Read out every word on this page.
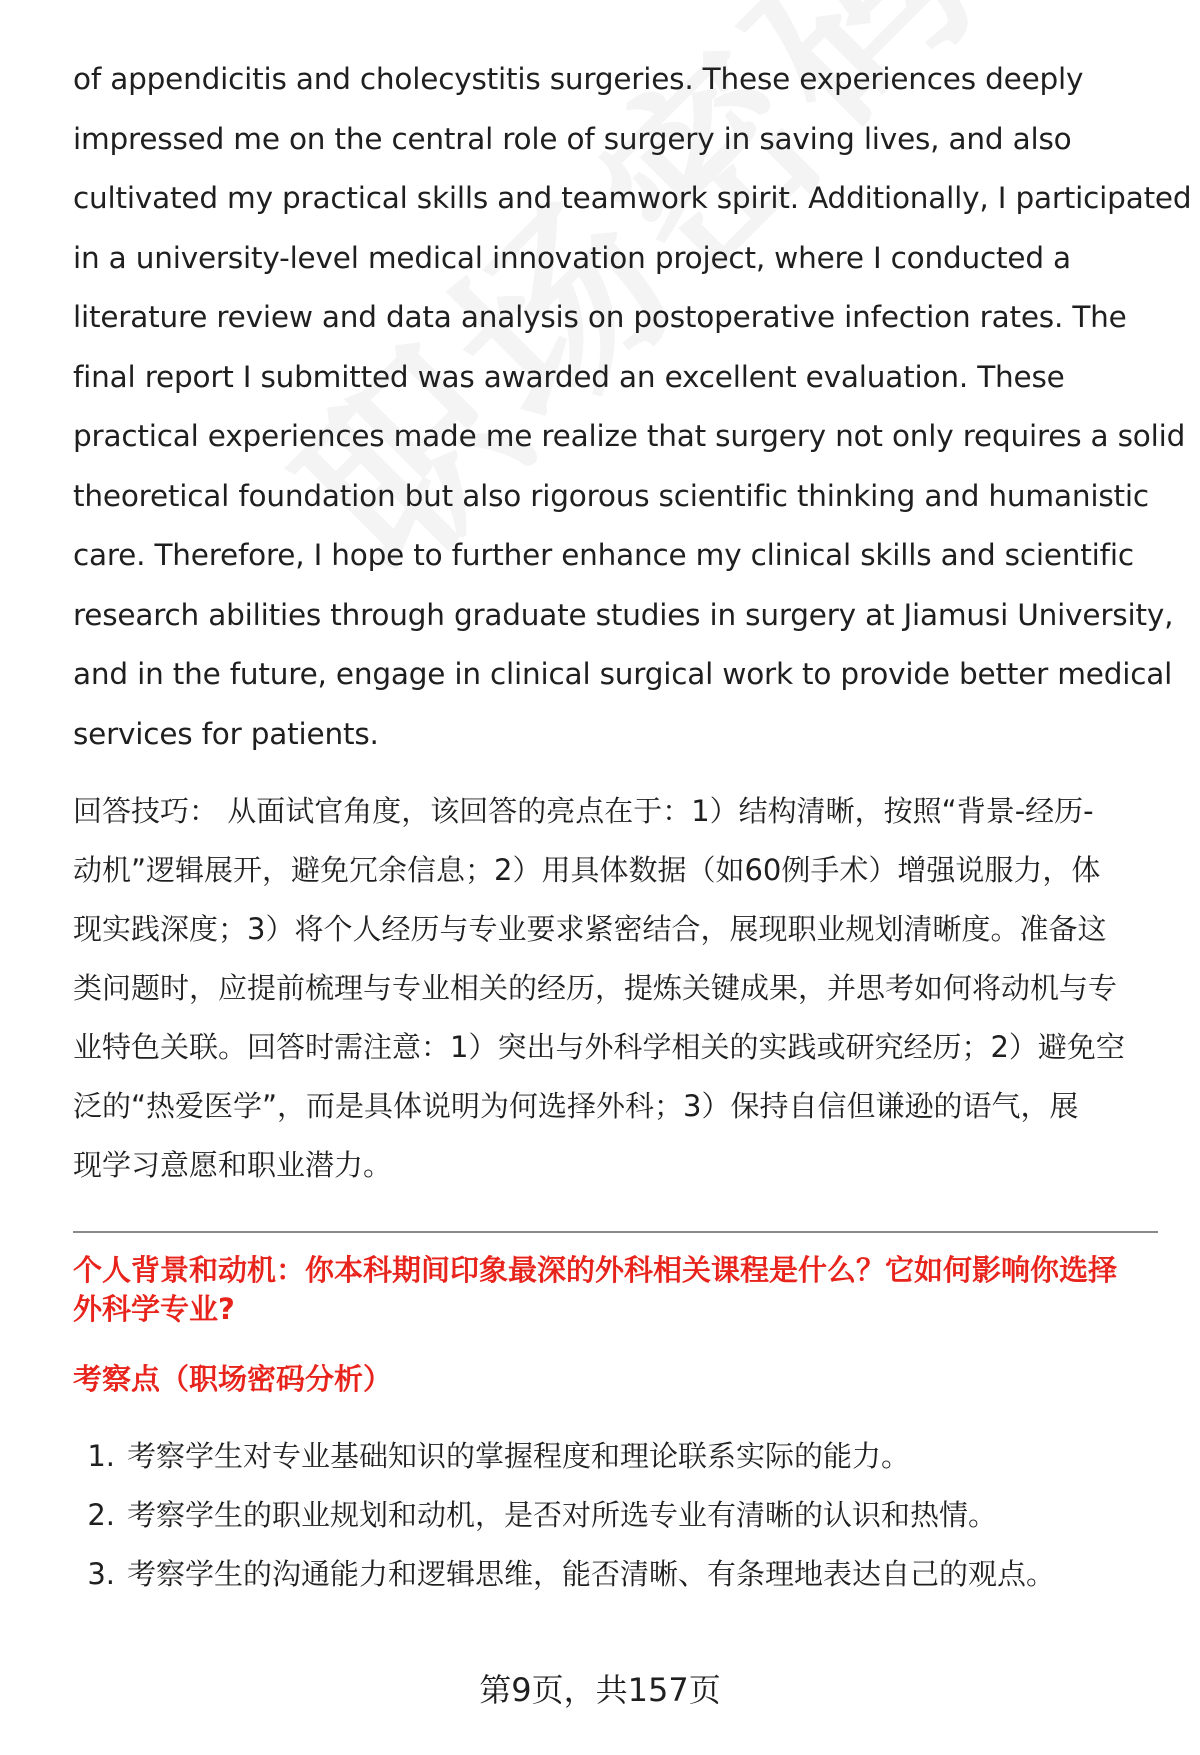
of appendicitis and cholecystitis surgeries. These experiences deeply
impressed me on the central role of surgery in saving lives, and also
cultivated my practical skills and teamwork spirit. Additionally, I participated
in a university-level medical innovation project, where I conducted a
literature review and data analysis on postoperative infection rates. The
final report I submitted was awarded an excellent evaluation. These
practical experiences made me realize that surgery not only requires a solid
theoretical foundation but also rigorous scientific thinking and humanistic
care. Therefore, I hope to further enhance my clinical skills and scientific
research abilities through graduate studies in surgery at Jiamusi University,
and in the future, engage in clinical surgical work to provide better medical
services for patients.

回答技巧： 从面试官角度，该回答的亮点在于：1）结构清晰，按照“背景-经历-
动机”逻辑展开，避免冗余信息；2）用具体数据（如60例手术）增强说服力，体
现实践深度；3）将个人经历与专业要求紧密结合，展现职业规划清晰度。准备这
类问题时，应提前梳理与专业相关的经历，提炼关键成果，并思考如何将动机与专
业特色关联。回答时需注意：1）突出与外科学相关的实践或研究经历；2）避免空
泛的“热爱医学”，而是具体说明为何选择外科；3）保持自信但谦逊的语气，展
现学习意愿和职业潜力。

个人背景和动机：你本科期间印象最深的外科相关课程是什么？它如何影响你选择
外科学专业?
考察点（职场密码分析）
1. 考察学生对专业基础知识的掌握程度和理论联系实际的能力。
2. 考察学生的职业规划和动机，是否对所选专业有清晰的认识和热情。
3. 考察学生的沟通能力和逻辑思维，能否清晰、有条理地表达自己的观点。
第9页，共157页
